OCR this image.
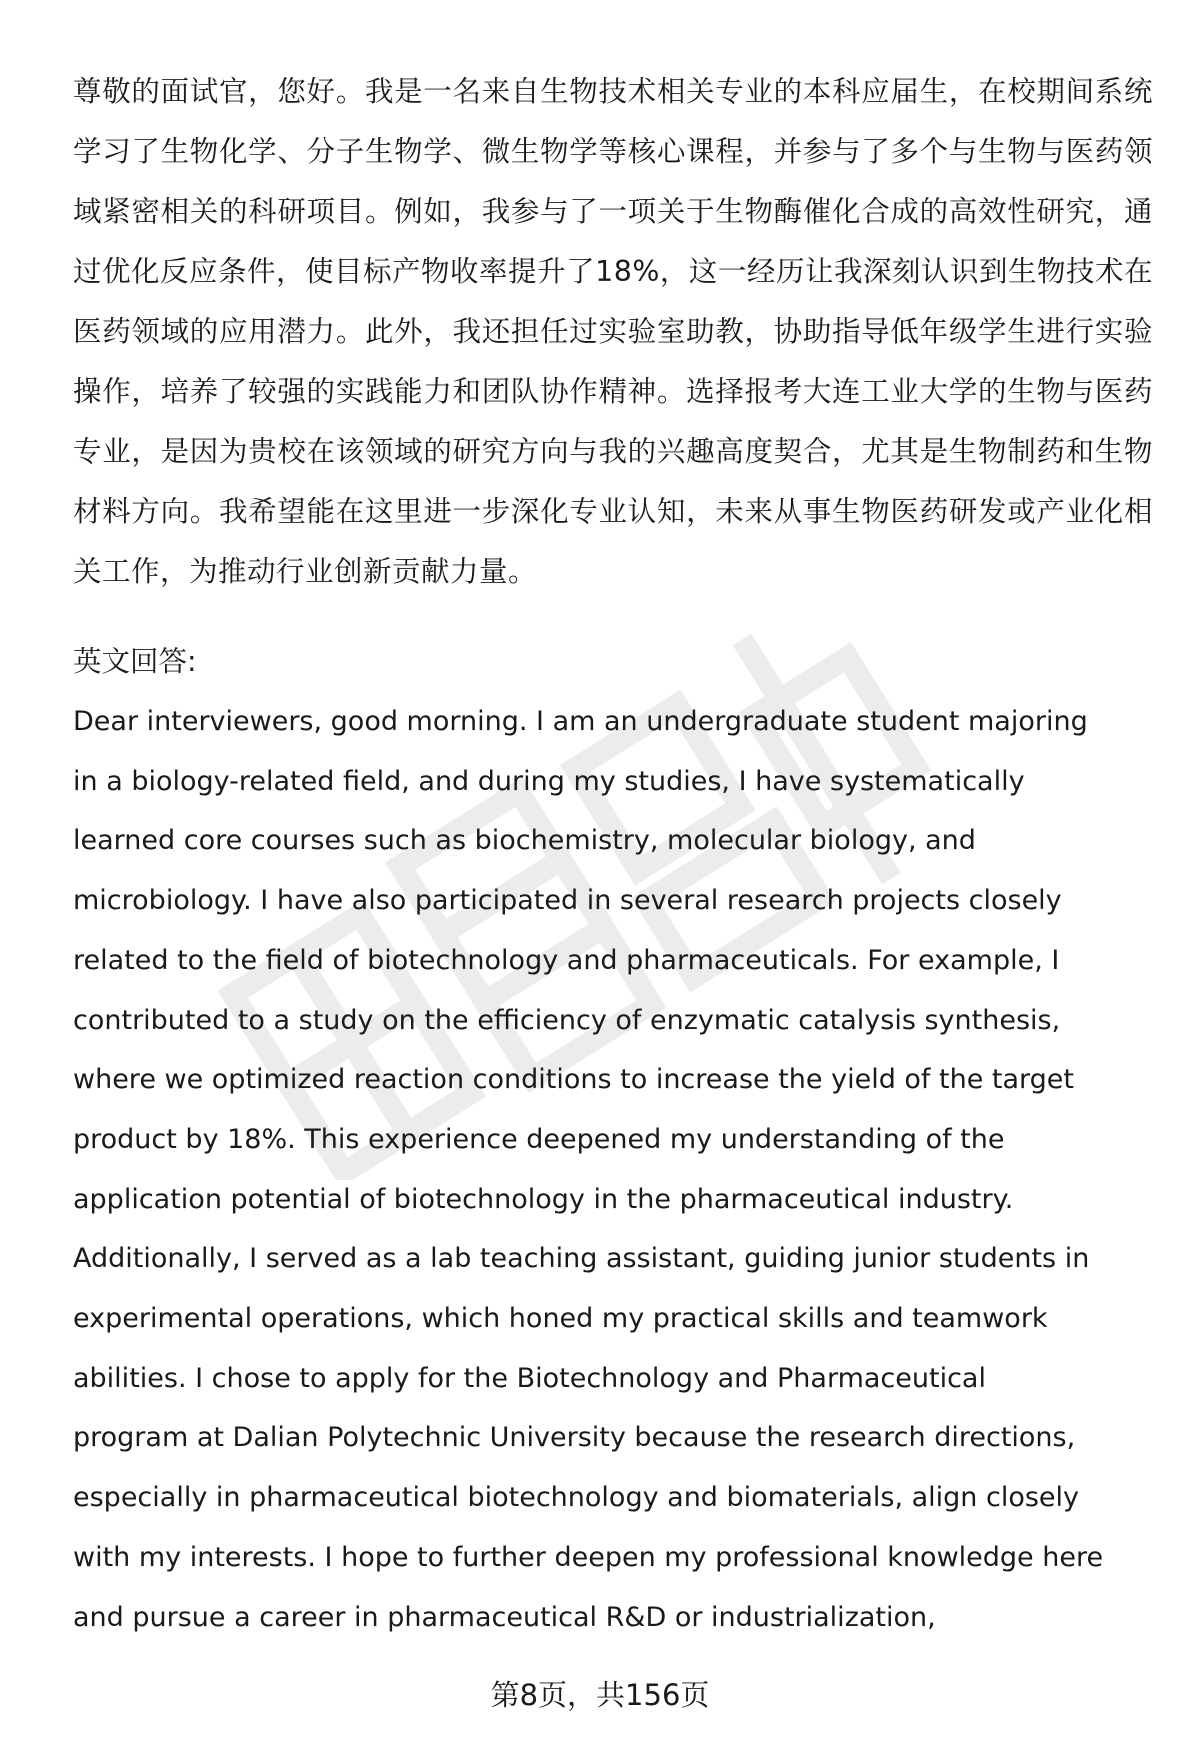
尊敬的面试官，您好。我是一名来自生物技术相关专业的本科应届生，在校期间系统学习了生物化学、分子生物学、微生物学等核心课程，并参与了多个与生物与医药领域紧密相关的科研项目。例如，我参与了一项关于生物酶催化合成的高效性研究，通过优化反应条件，使目标产物收率提升了18%，这一经历让我深刻认识到生物技术在医药领域的应用潜力。此外，我还担任过实验室助教，协助指导低年级学生进行实验操作，培养了较强的实践能力和团队协作精神。选择报考大连工业大学的生物与医药专业，是因为贵校在该领域的研究方向与我的兴趣高度契合，尤其是生物制药和生物材料方向。我希望能在这里进一步深化专业认知，未来从事生物医药研发或产业化相关工作，为推动行业创新贡献力量。

英文回答:

Dear interviewers, good morning. I am an undergraduate student majoring
in a biology-related field, and during my studies, I have systematically
learned core courses such as biochemistry, molecular biology, and
microbiology. I have also participated in several research projects closely
related to the field of biotechnology and pharmaceuticals. For example, I
contributed to a study on the efficiency of enzymatic catalysis synthesis,
where we optimized reaction conditions to increase the yield of the target
product by 18%. This experience deepened my understanding of the
application potential of biotechnology in the pharmaceutical industry.
Additionally, I served as a lab teaching assistant, guiding junior students in
experimental operations, which honed my practical skills and teamwork
abilities. I chose to apply for the Biotechnology and Pharmaceutical
program at Dalian Polytechnic University because the research directions,
especially in pharmaceutical biotechnology and biomaterials, align closely
with my interests. I hope to further deepen my professional knowledge here
and pursue a career in pharmaceutical R&D or industrialization,

第8页，共156页
